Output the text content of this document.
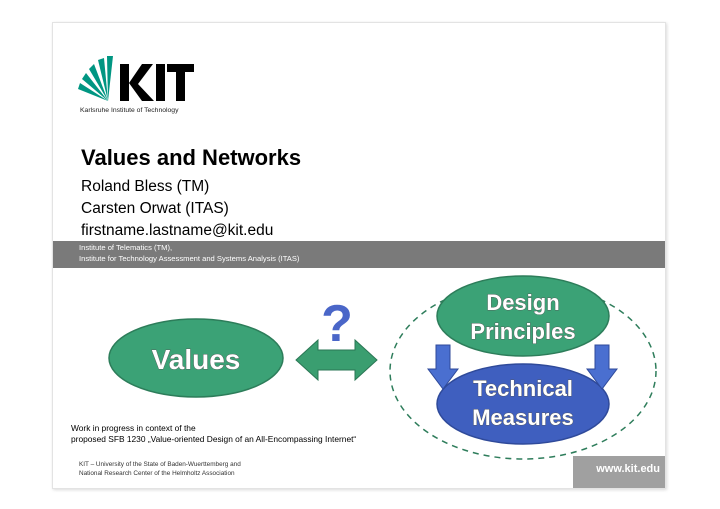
Karlsruhe Institute of Technology
Values and Networks
Roland Bless (TM)
Carsten Orwat (ITAS)
firstname.lastname@kit.edu
Institute of Telematics (TM),
Institute for Technology Assessment and Systems Analysis (ITAS)
Values
?	Design
Principles
Technical
Measures
Work in progress in context of the
proposed SFB 1230 „Value-oriented Design of an All-Encompassing Internet“
KIT – University of the State of Baden-Wuerttemberg and
National Research Center of the Helmholtz Association	www.kit.edu
